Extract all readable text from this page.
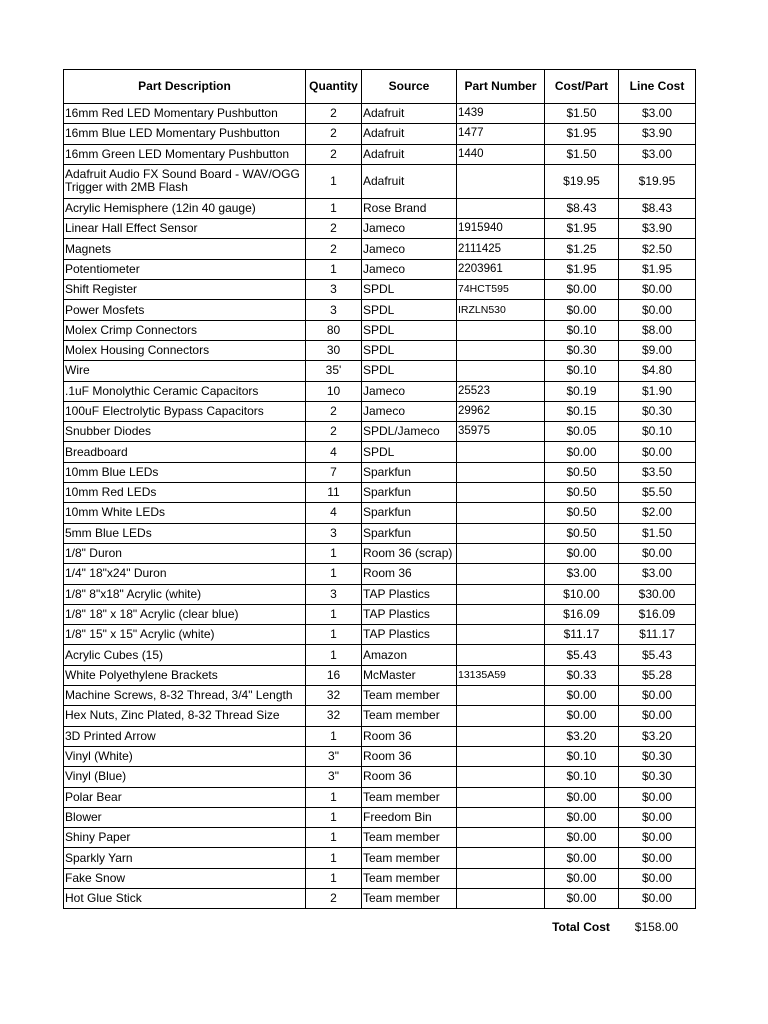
Part Description	Quantity	Source	Part Number	Cost/Part	Line Cost
16mm Red LED Momentary Pushbutton	2	Adafruit	1439	$1.50	$3.00
16mm Blue LED Momentary Pushbutton	2	Adafruit	1477	$1.95	$3.90
16mm Green LED Momentary Pushbutton	2	Adafruit	1440	$1.50	$3.00
Adafruit Audio FX Sound Board - WAV/OGG Trigger with 2MB Flash	1	Adafruit		$19.95	$19.95
Acrylic Hemisphere (12in 40 gauge)	1	Rose Brand		$8.43	$8.43
Linear Hall Effect Sensor	2	Jameco	1915940	$1.95	$3.90
Magnets	2	Jameco	2111425	$1.25	$2.50
Potentiometer	1	Jameco	2203961	$1.95	$1.95
Shift Register	3	SPDL	74HCT595	$0.00	$0.00
Power Mosfets	3	SPDL	IRZLN530	$0.00	$0.00
Molex Crimp Connectors	80	SPDL		$0.10	$8.00
Molex Housing Connectors	30	SPDL		$0.30	$9.00
Wire	35'	SPDL		$0.10	$4.80
.1uF Monolythic Ceramic Capacitors	10	Jameco	25523	$0.19	$1.90
100uF Electrolytic Bypass Capacitors	2	Jameco	29962	$0.15	$0.30
Snubber Diodes	2	SPDL/Jameco	35975	$0.05	$0.10
Breadboard	4	SPDL		$0.00	$0.00
10mm Blue LEDs	7	Sparkfun		$0.50	$3.50
10mm Red LEDs	11	Sparkfun		$0.50	$5.50
10mm White LEDs	4	Sparkfun		$0.50	$2.00
5mm Blue LEDs	3	Sparkfun		$0.50	$1.50
1/8" Duron	1	Room 36 (scrap)		$0.00	$0.00
1/4" 18"x24" Duron	1	Room 36		$3.00	$3.00
1/8" 8"x18" Acrylic (white)	3	TAP Plastics		$10.00	$30.00
1/8" 18" x 18" Acrylic (clear blue)	1	TAP Plastics		$16.09	$16.09
1/8" 15" x 15" Acrylic (white)	1	TAP Plastics		$11.17	$11.17
Acrylic Cubes (15)	1	Amazon		$5.43	$5.43
White Polyethylene Brackets	16	McMaster	13135A59	$0.33	$5.28
Machine Screws, 8-32 Thread, 3/4" Length	32	Team member		$0.00	$0.00
Hex Nuts, Zinc Plated, 8-32 Thread Size	32	Team member		$0.00	$0.00
3D Printed Arrow	1	Room 36		$3.20	$3.20
Vinyl (White)	3"	Room 36		$0.10	$0.30
Vinyl (Blue)	3"	Room 36		$0.10	$0.30
Polar Bear	1	Team member		$0.00	$0.00
Blower	1	Freedom Bin		$0.00	$0.00
Shiny Paper	1	Team member		$0.00	$0.00
Sparkly Yarn	1	Team member		$0.00	$0.00
Fake Snow	1	Team member		$0.00	$0.00
Hot Glue Stick	2	Team member		$0.00	$0.00
Total Cost	$158.00
